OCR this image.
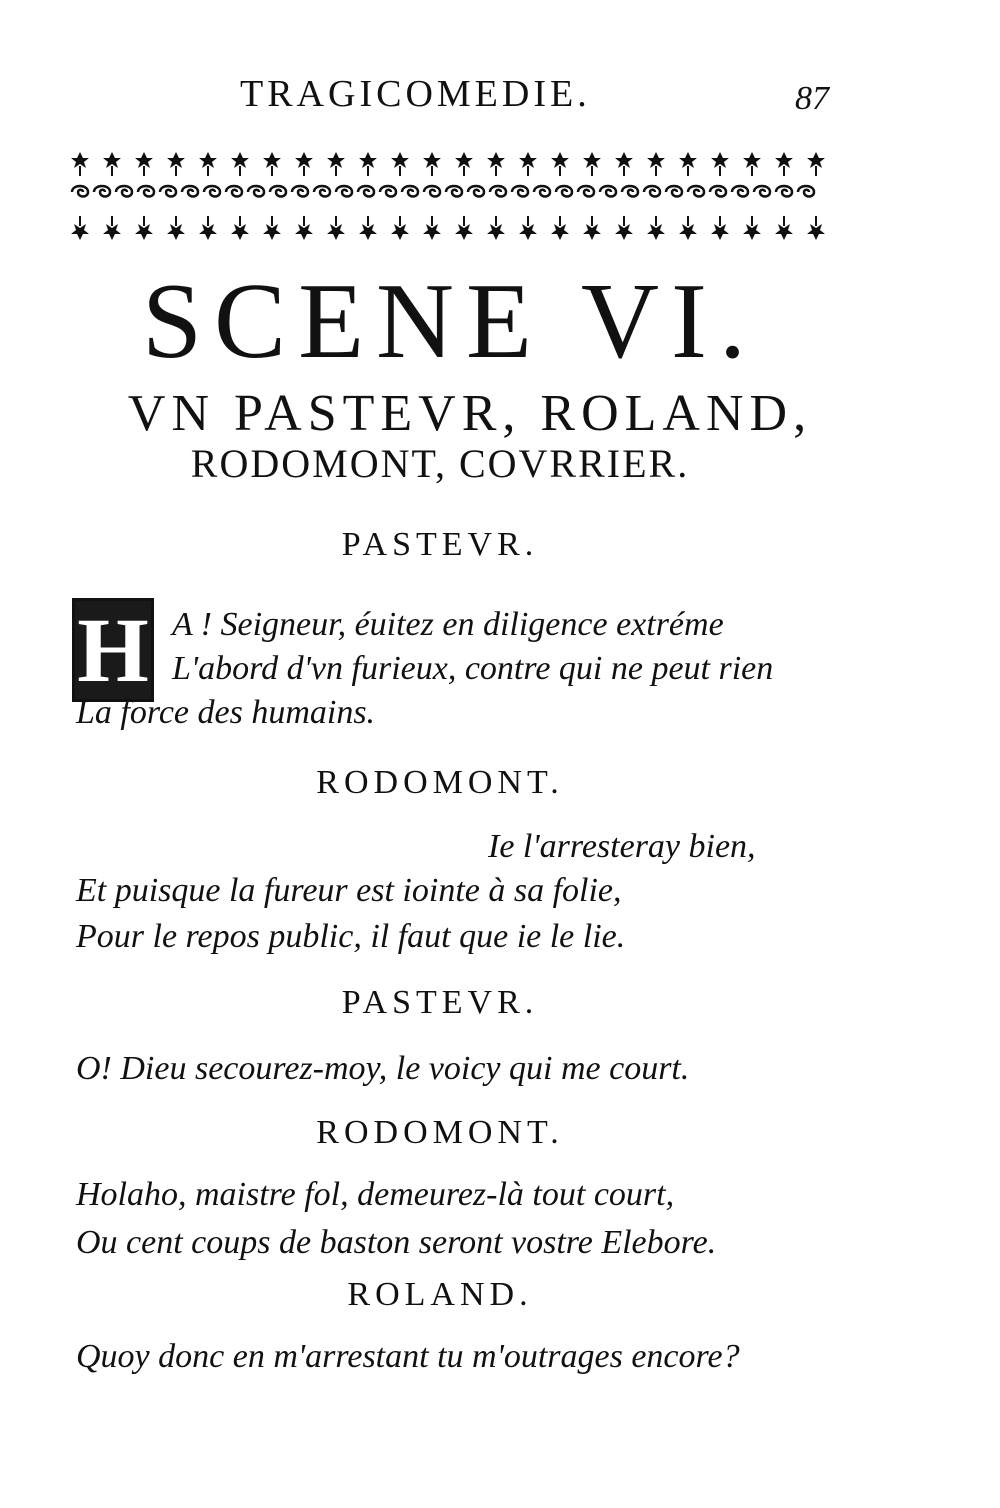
TRAGICOMEDIE.	87
SCENE VI.
VN PASTEVR, ROLAND,
RODOMONT, COVRRIER.
PASTEVR.
H A ! Seigneur, éuitez en diligence extréme
L'abord d'vn furieux, contre qui ne peut rien
La force des humains.
RODOMONT.
Ie l'arresteray bien,
Et puisque la fureur est iointe à sa folie,
Pour le repos public, il faut que ie le lie.
PASTEVR.
O! Dieu secourez-moy, le voicy qui me court.
RODOMONT.
Holaho, maistre fol, demeurez-là tout court,
Ou cent coups de baston seront vostre Elebore.
ROLAND.
Quoy donc en m'arrestant tu m'outrages encore?
